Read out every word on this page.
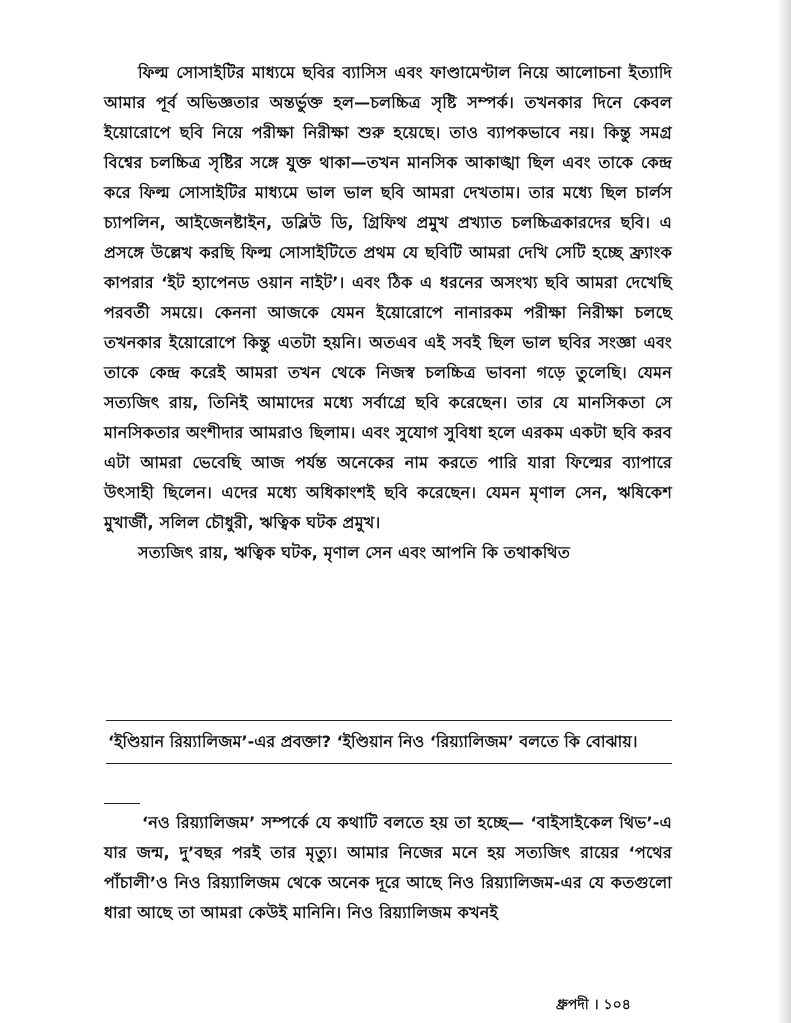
ফিল্ম সোসাইটির মাধ্যমে ছবির ব্যাসিস এবং ফাণ্ডামেণ্টাল নিয়ে আলোচনা ইত্যাদি আমার পূর্ব অভিজ্ঞতার অন্তর্ভুক্ত হল—চলচ্চিত্র সৃষ্টি সম্পর্ক। তখনকার দিনে কেবল ইয়োরোপে ছবি নিয়ে পরীক্ষা নিরীক্ষা শুরু হয়েছে। তাও ব্যাপকভাবে নয়। কিন্তু সমগ্র বিশ্বের চলচ্চিত্র সৃষ্টির সঙ্গে যুক্ত থাকা—তখন মানসিক আকাঙ্খা ছিল এবং তাকে কেন্দ্র করে ফিল্ম সোসাইটির মাধ্যমে ভাল ভাল ছবি আমরা দেখতাম। তার মধ্যে ছিল চার্লস চ্যাপলিন, আইজেনষ্টাইন, ডব্লিউ ডি, গ্রিফিথ প্রমুখ প্রখ্যাত চলচ্চিত্রকারদের ছবি। এ প্রসঙ্গে উল্লেখ করছি ফিল্ম সোসাইটিতে প্রথম যে ছবিটি আমরা দেখি সেটি হচ্ছে ফ্র্যাংক কাপরার ‘ইট হ্যাপেনড ওয়ান নাইট’। এবং ঠিক এ ধরনের অসংখ্য ছবি আমরা দেখেছি পরবর্তী সময়ে। কেননা আজকে যেমন ইয়োরোপে নানারকম পরীক্ষা নিরীক্ষা চলছে তখনকার ইয়োরোপে কিন্তু এতটা হয়নি। অতএব এই সবই ছিল ভাল ছবির সংজ্ঞা এবং তাকে কেন্দ্র করেই আমরা তখন থেকে নিজস্ব চলচ্চিত্র ভাবনা গড়ে তুলেছি। যেমন সত্যজিৎ রায়, তিনিই আমাদের মধ্যে সর্বাগ্রে ছবি করেছেন। তার যে মানসিকতা সে মানসিকতার অংশীদার আমরাও ছিলাম। এবং সুযোগ সুবিধা হলে এরকম একটা ছবি করব এটা আমরা ভেবেছি আজ পর্যন্ত অনেকের নাম করতে পারি যারা ফিল্মের ব্যাপারে উৎসাহী ছিলেন। এদের মধ্যে অধিকাংশই ছবি করেছেন। যেমন মৃণাল সেন, ঋষিকেশ মুখার্জী, সলিল চৌধুরী, ঋত্বিক ঘটক প্রমুখ।
সত্যজিৎ রায়, ঋত্বিক ঘটক, মৃণাল সেন এবং আপনি কি তথাকথিত

‘ইণ্ডিয়ান রিয়্যালিজম’-এর প্রবক্তা? ‘ইণ্ডিয়ান নিও ‘রিয়্যালিজম’ বলতে কি বোঝায়।

‘নও রিয়্যালিজম’ সম্পর্কে যে কথাটি বলতে হয় তা হচ্ছে— ‘বাইসাইকেল থিভ’-এ যার জন্ম, দু’বছর পরই তার মৃত্যু। আমার নিজের মনে হয় সত্যজিৎ রায়ের ‘পথের পাঁচালী’ও নিও রিয়্যালিজম থেকে অনেক দূরে আছে নিও রিয়্যালিজম-এর যে কতগুলো ধারা আছে তা আমরা কেউই মানিনি। নিও রিয়্যালিজম কখনই

ধ্রুপদী । ১০৪
